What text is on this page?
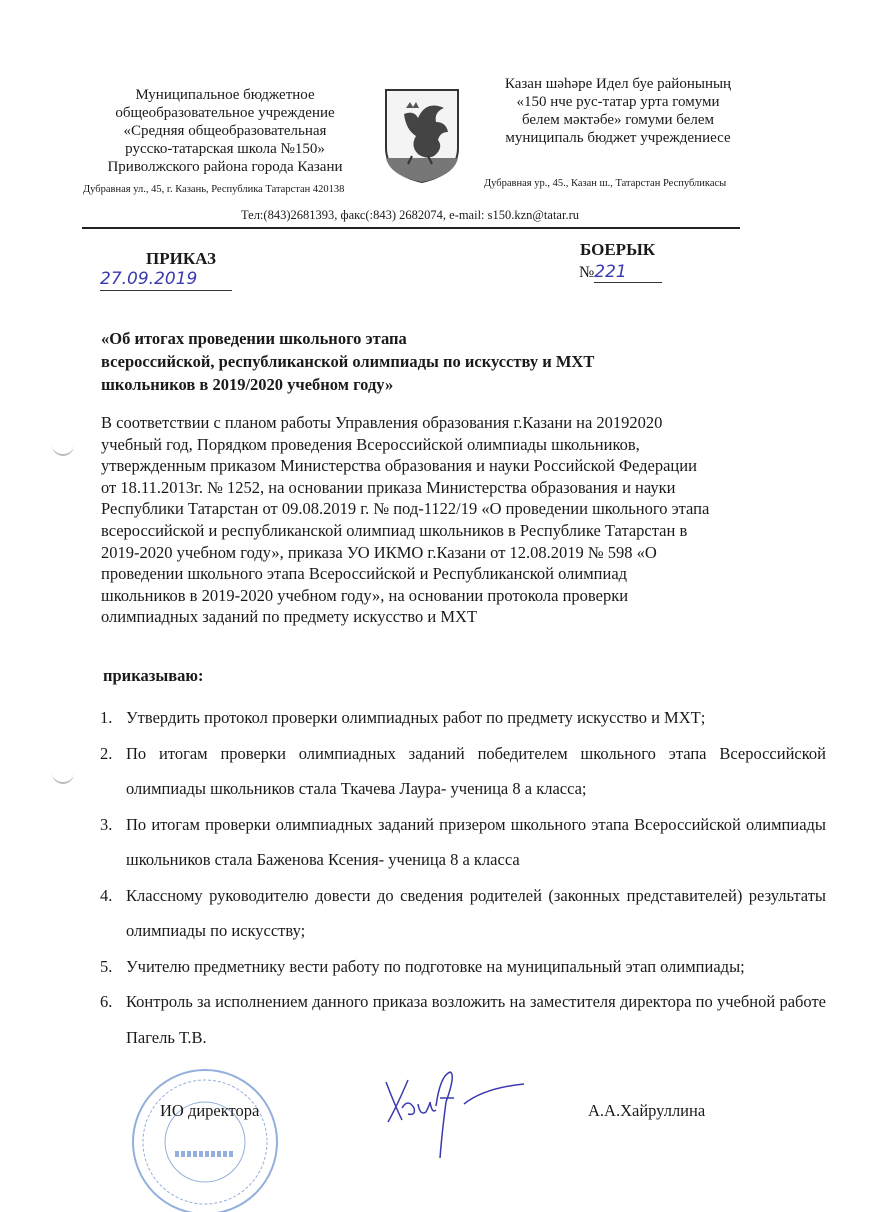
Муниципальное бюджетное
общеобразовательное учреждение
«Средняя общеобразовательная
русско-татарская школа №150»
Приволжского района города Казани
Дубравная ул., 45, г. Казань, Республика Татарстан 420138
Казан шәһәре Идел буе районының
«150 нче рус-татар урта гомуми
белем мәктәбе» гомуми белем
муниципаль бюджет учреждениесе
Дубравная ур., 45., Казан ш., Татарстан Республикасы
Тел:(843)2681393, факс(:843) 2682074, e-mail: s150.kzn@tatar.ru
ПРИКАЗ
27.09.2019
БОЕРЫК
№221
«Об итогах проведении школьного этапа
всероссийской, республиканской олимпиады по искусству и МХТ
школьников в 2019/2020 учебном году»
В соответствии с планом работы Управления образования г.Казани на 20192020
учебный год, Порядком проведения Всероссийской олимпиады школьников,
утвержденным приказом Министерства образования и науки Российской Федерации
от 18.11.2013г. № 1252, на основании приказа Министерства образования и науки
Республики Татарстан от 09.08.2019 г. № под-1122/19 «О проведении школьного этапа
всероссийской и республиканской олимпиад школьников в Республике Татарстан в
2019-2020 учебном году», приказа УО ИКМО г.Казани от 12.08.2019 № 598 «О
проведении школьного этапа Всероссийской и Республиканской олимпиад
школьников в 2019-2020 учебном году», на основании протокола проверки
олимпиадных заданий по предмету искусство и МХТ
приказываю:
1. Утвердить протокол проверки олимпиадных работ по предмету искусство и МХТ;
2. По итогам проверки олимпиадных заданий победителем школьного этапа Всероссийской олимпиады школьников стала Ткачева Лаура- ученица 8 а класса;
3. По итогам проверки олимпиадных заданий призером школьного этапа Всероссийской олимпиады школьников стала Баженова Ксения- ученица 8 а класса
4. Классному руководителю довести до сведения родителей (законных представителей) результаты олимпиады по искусству;
5. Учителю предметнику вести работу по подготовке на муниципальный этап олимпиады;
6. Контроль за исполнением данного приказа возложить на заместителя директора по учебной работе Пагель Т.В.
ИО директора	А.А.Хайруллина
